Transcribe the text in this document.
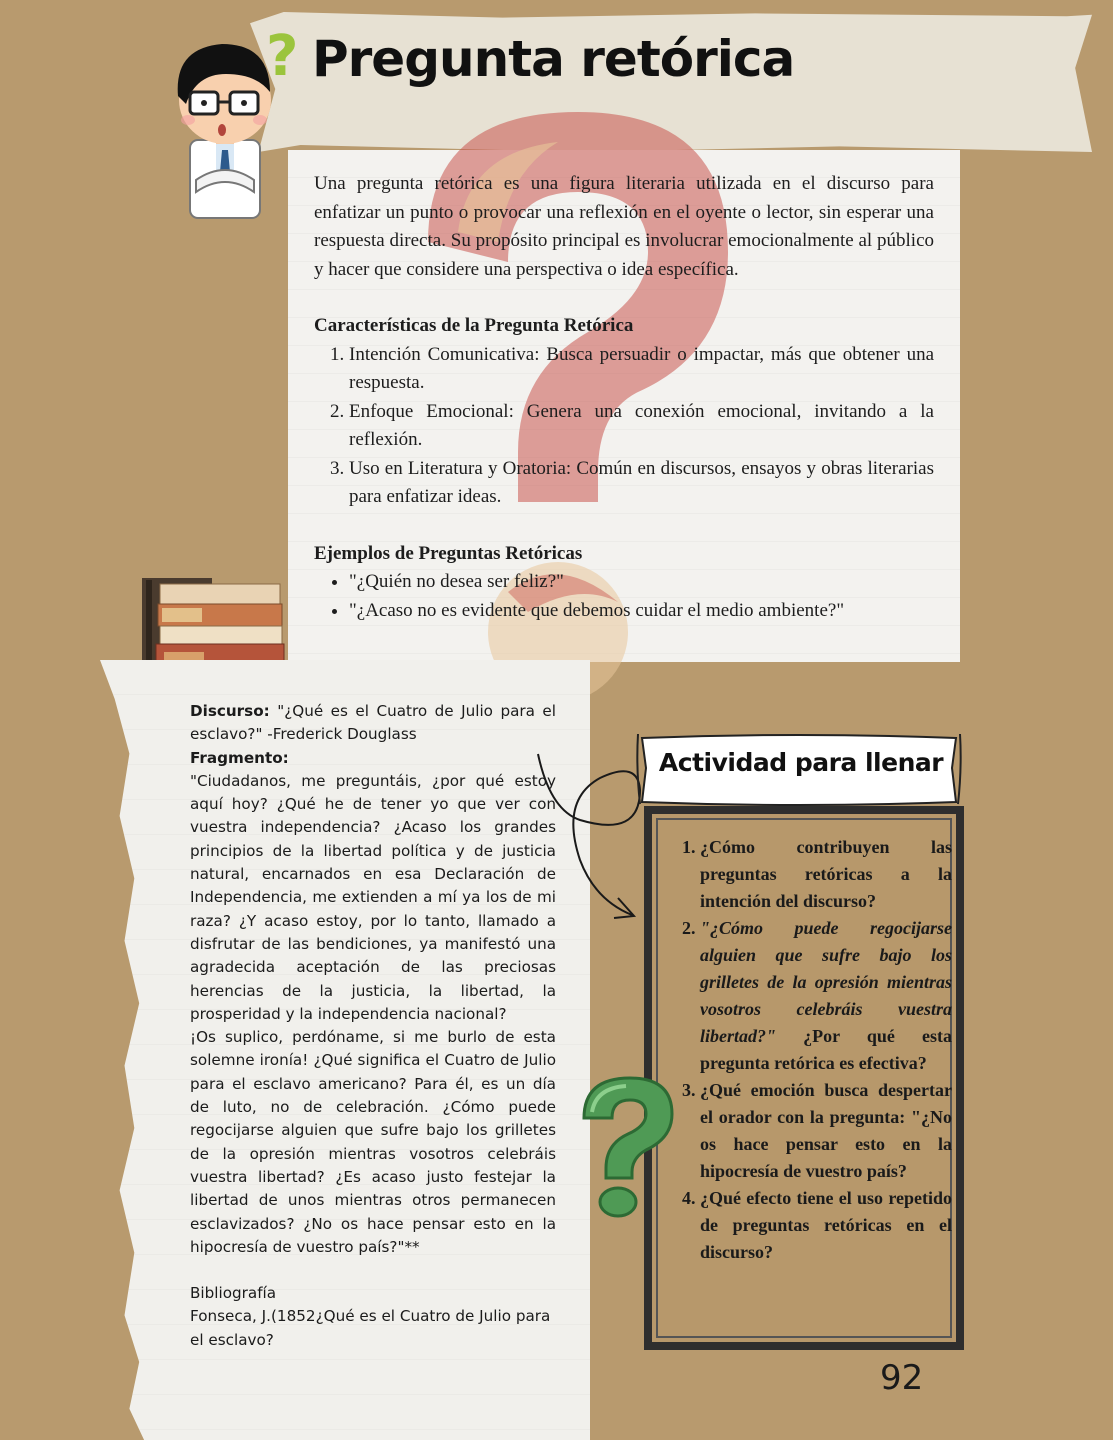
? Pregunta retórica

Una pregunta retórica es una figura literaria utilizada en el discurso para enfatizar un punto o provocar una reflexión en el oyente o lector, sin esperar una respuesta directa. Su propósito principal es involucrar emocionalmente al público y hacer que considere una perspectiva o idea específica.

Características de la Pregunta Retórica
1. Intención Comunicativa: Busca persuadir o impactar, más que obtener una respuesta.
2. Enfoque Emocional: Genera una conexión emocional, invitando a la reflexión.
3. Uso en Literatura y Oratoria: Común en discursos, ensayos y obras literarias para enfatizar ideas.
Ejemplos de Preguntas Retóricas
• "¿Quién no desea ser feliz?"
• "¿Acaso no es evidente que debemos cuidar el medio ambiente?"

Discurso: "¿Qué es el Cuatro de Julio para el esclavo?" -Frederick Douglass

Fragmento:

"Ciudadanos, me preguntáis, ¿por qué estoy aquí hoy? ¿Qué he de tener yo que ver con vuestra independencia? ¿Acaso los grandes principios de la libertad política y de justicia natural, encarnados en esa Declaración de Independencia, me extienden a mí ya los de mi raza? ¿Y acaso estoy, por lo tanto, llamado a disfrutar de las bendiciones, ya manifestó una agradecida aceptación de las preciosas herencias de la justicia, la libertad, la prosperidad y la independencia nacional?

¡Os suplico, perdóname, si me burlo de esta solemne ironía! ¿Qué significa el Cuatro de Julio para el esclavo americano? Para él, es un día de luto, no de celebración. ¿Cómo puede regocijarse alguien que sufre bajo los grilletes de la opresión mientras vosotros celebráis vuestra libertad? ¿Es acaso justo festejar la libertad de unos mientras otros permanecen esclavizados? ¿No os hace pensar esto en la hipocresía de vuestro país?"**

Bibliografía

Fonseca, J.(1852¿Qué es el Cuatro de Julio para el esclavo?

Actividad para llenar
1. ¿Cómo contribuyen las preguntas retóricas a la intención del discurso?
2. "¿Cómo puede regocijarse alguien que sufre bajo los grilletes de la opresión mientras vosotros celebráis vuestra libertad?" ¿Por qué esta pregunta retórica es efectiva?
3. ¿Qué emoción busca despertar el orador con la pregunta: "¿No os hace pensar esto en la hipocresía de vuestro país?
4. ¿Qué efecto tiene el uso repetido de preguntas retóricas en el discurso?
92
